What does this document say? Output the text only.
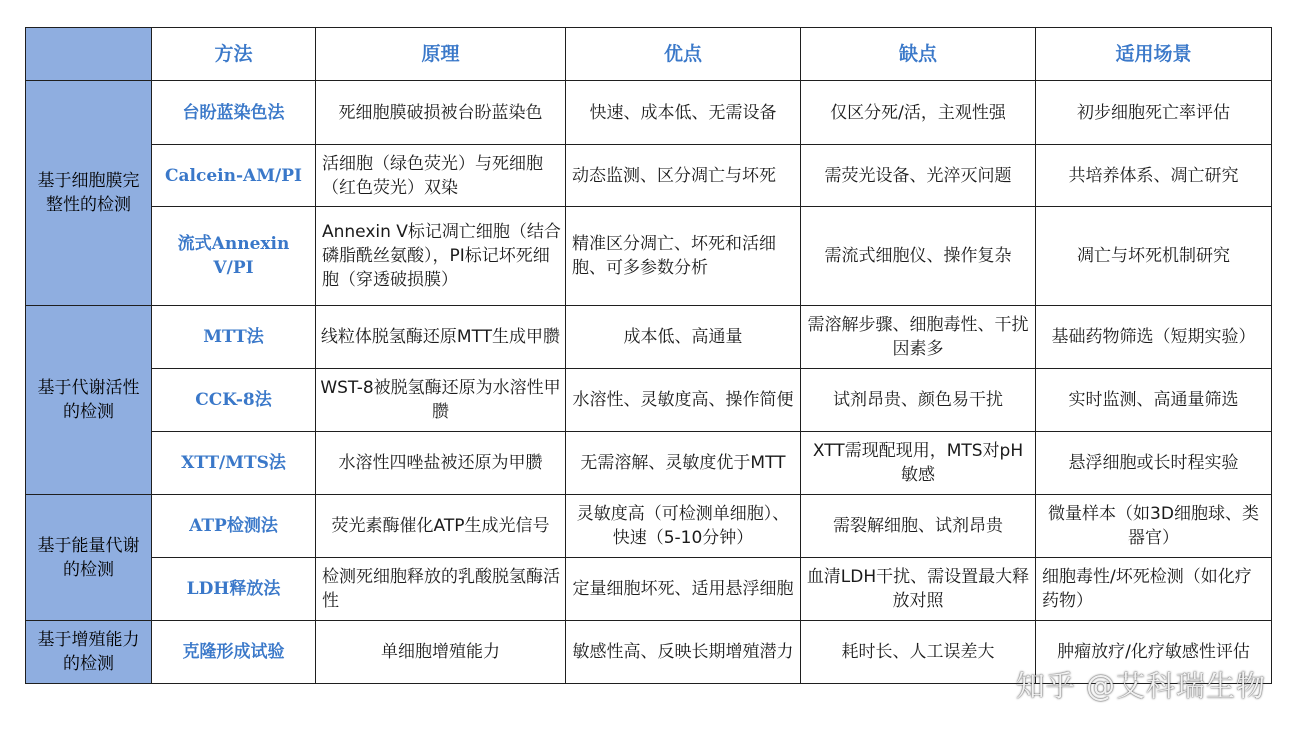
	方法	原理	优点	缺点	适用场景
基于细胞膜完整性的检测	台盼蓝染色法	死细胞膜破损被台盼蓝染色	快速、成本低、无需设备	仅区分死/活，主观性强	初步细胞死亡率评估
	Calcein-AM/PI	活细胞（绿色荧光）与死细胞（红色荧光）双染	动态监测、区分凋亡与坏死	需荧光设备、光淬灭问题	共培养体系、凋亡研究
	流式Annexin V/PI	Annexin V标记凋亡细胞（结合磷脂酰丝氨酸），PI标记坏死细胞（穿透破损膜）	精准区分凋亡、坏死和活细胞、可多参数分析	需流式细胞仪、操作复杂	凋亡与坏死机制研究
基于代谢活性的检测	MTT法	线粒体脱氢酶还原MTT生成甲臜	成本低、高通量	需溶解步骤、细胞毒性、干扰因素多	基础药物筛选（短期实验）
	CCK-8法	WST-8被脱氢酶还原为水溶性甲臜	水溶性、灵敏度高、操作简便	试剂昂贵、颜色易干扰	实时监测、高通量筛选
	XTT/MTS法	水溶性四唑盐被还原为甲臜	无需溶解、灵敏度优于MTT	XTT需现配现用，MTS对pH敏感	悬浮细胞或长时程实验
基于能量代谢的检测	ATP检测法	荧光素酶催化ATP生成光信号	灵敏度高（可检测单细胞）、快速（5-10分钟）	需裂解细胞、试剂昂贵	微量样本（如3D细胞球、类器官）
	LDH释放法	检测死细胞释放的乳酸脱氢酶活性	定量细胞坏死、适用悬浮细胞	血清LDH干扰、需设置最大释放对照	细胞毒性/坏死检测（如化疗药物）
基于增殖能力的检测	克隆形成试验	单细胞增殖能力	敏感性高、反映长期增殖潜力	耗时长、人工误差大	肿瘤放疗/化疗敏感性评估
知乎 @艾科瑞生物
